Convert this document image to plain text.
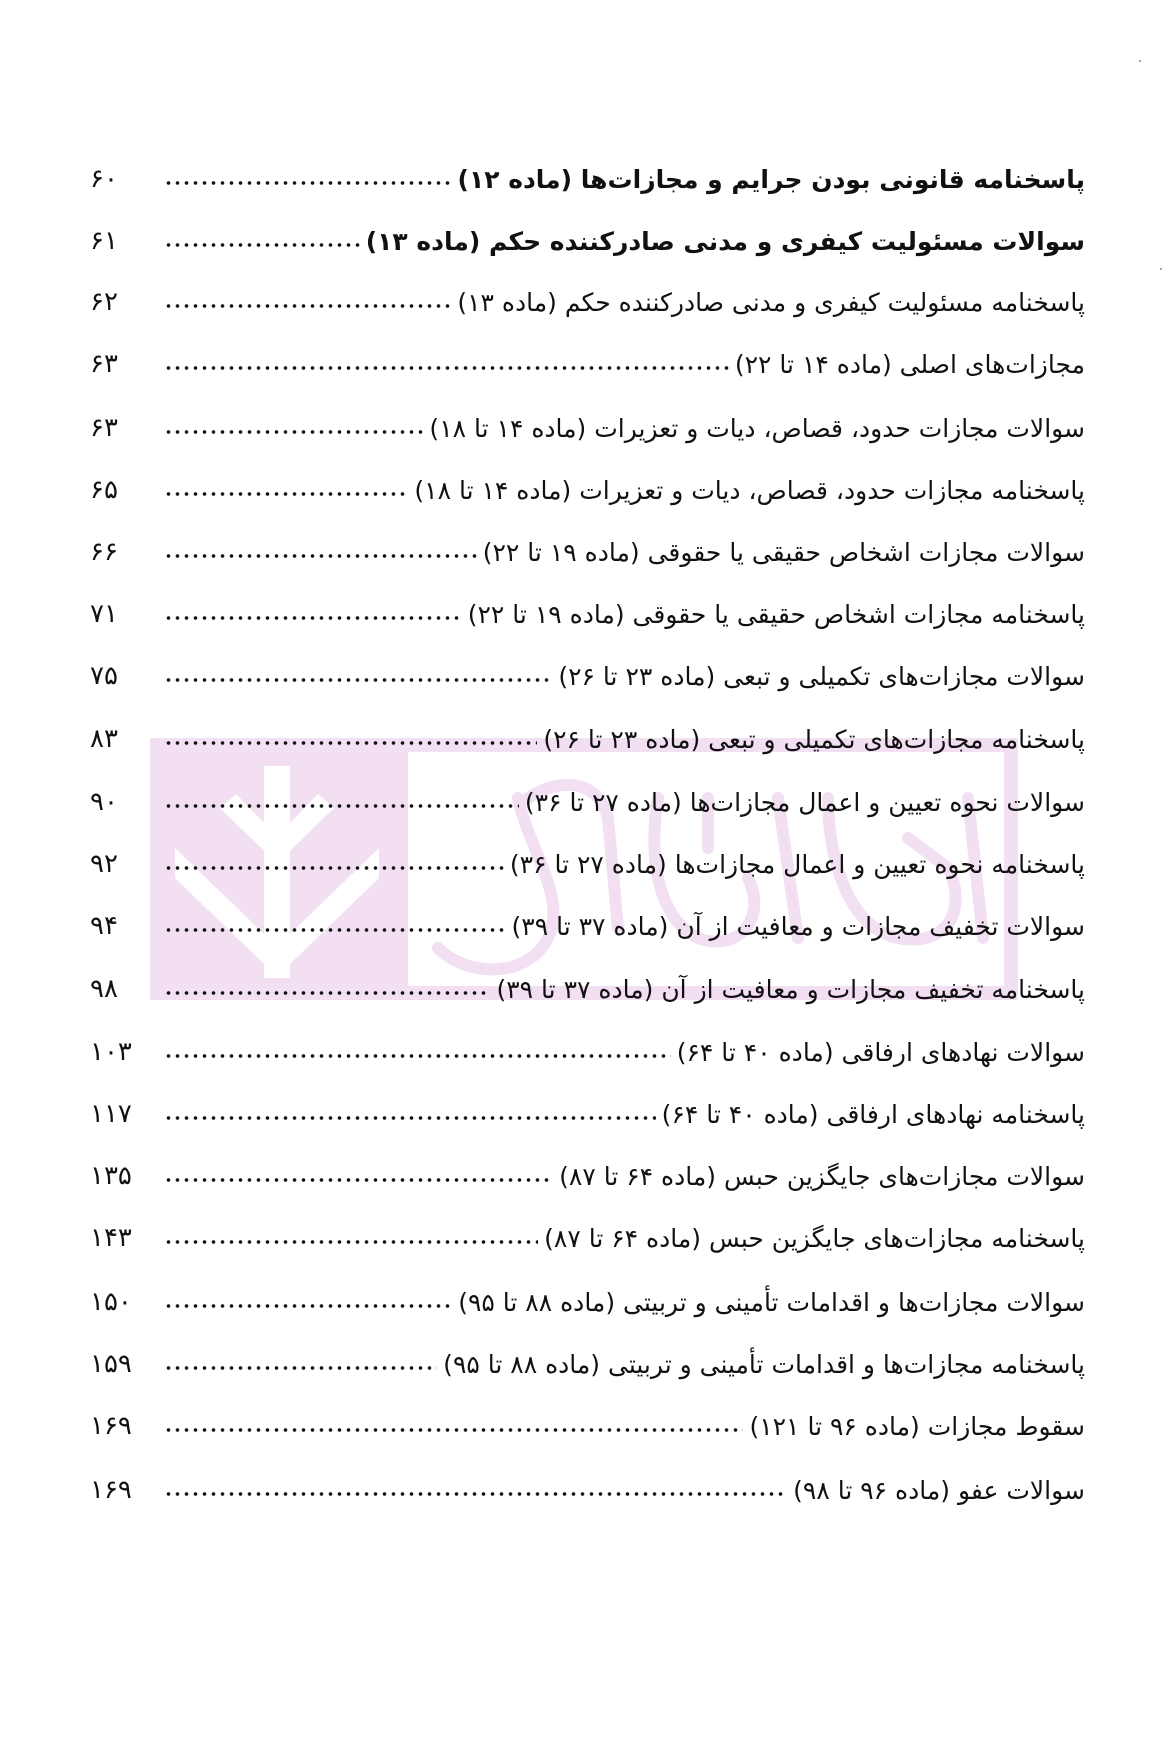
۶۰	پاسخنامه قانونی بودن جرایم و مجازات‌ها (ماده ۱۲)
۶۱	سوالات مسئولیت کیفری و مدنی صادرکننده حکم (ماده ۱۳)
۶۲	پاسخنامه مسئولیت کیفری و مدنی صادرکننده حکم (ماده ۱۳)
۶۳	مجازات‌های اصلی (ماده ۱۴ تا ۲۲)
۶۳	سوالات مجازات حدود، قصاص، دیات و تعزیرات (ماده ۱۴ تا ۱۸)
۶۵	پاسخنامه مجازات حدود، قصاص، دیات و تعزیرات (ماده ۱۴ تا ۱۸)
۶۶	سوالات مجازات اشخاص حقیقی یا حقوقی (ماده ۱۹ تا ۲۲)
۷۱	پاسخنامه مجازات اشخاص حقیقی یا حقوقی (ماده ۱۹ تا ۲۲)
۷۵	سوالات مجازات‌های تکمیلی و تبعی (ماده ۲۳ تا ۲۶)
۸۳	پاسخنامه مجازات‌های تکمیلی و تبعی (ماده ۲۳ تا ۲۶)
۹۰	سوالات نحوه تعیین و اعمال مجازات‌ها (ماده ۲۷ تا ۳۶)
۹۲	پاسخنامه نحوه تعیین و اعمال مجازات‌ها (ماده ۲۷ تا ۳۶)
۹۴	سوالات تخفیف مجازات و معافیت از آن (ماده ۳۷ تا ۳۹)
۹۸	پاسخنامه تخفیف مجازات و معافیت از آن (ماده ۳۷ تا ۳۹)
۱۰۳	سوالات نهادهای ارفاقی (ماده ۴۰ تا ۶۴)
۱۱۷	پاسخنامه نهادهای ارفاقی (ماده ۴۰ تا ۶۴)
۱۳۵	سوالات مجازات‌های جایگزین حبس (ماده ۶۴ تا ۸۷)
۱۴۳	پاسخنامه مجازات‌های جایگزین حبس (ماده ۶۴ تا ۸۷)
۱۵۰	سوالات مجازات‌ها و اقدامات تأمینی و تربیتی (ماده ۸۸ تا ۹۵)
۱۵۹	پاسخنامه مجازات‌ها و اقدامات تأمینی و تربیتی (ماده ۸۸ تا ۹۵)
۱۶۹	سقوط مجازات (ماده ۹۶ تا ۱۲۱)
۱۶۹	سوالات عفو (ماده ۹۶ تا ۹۸)
